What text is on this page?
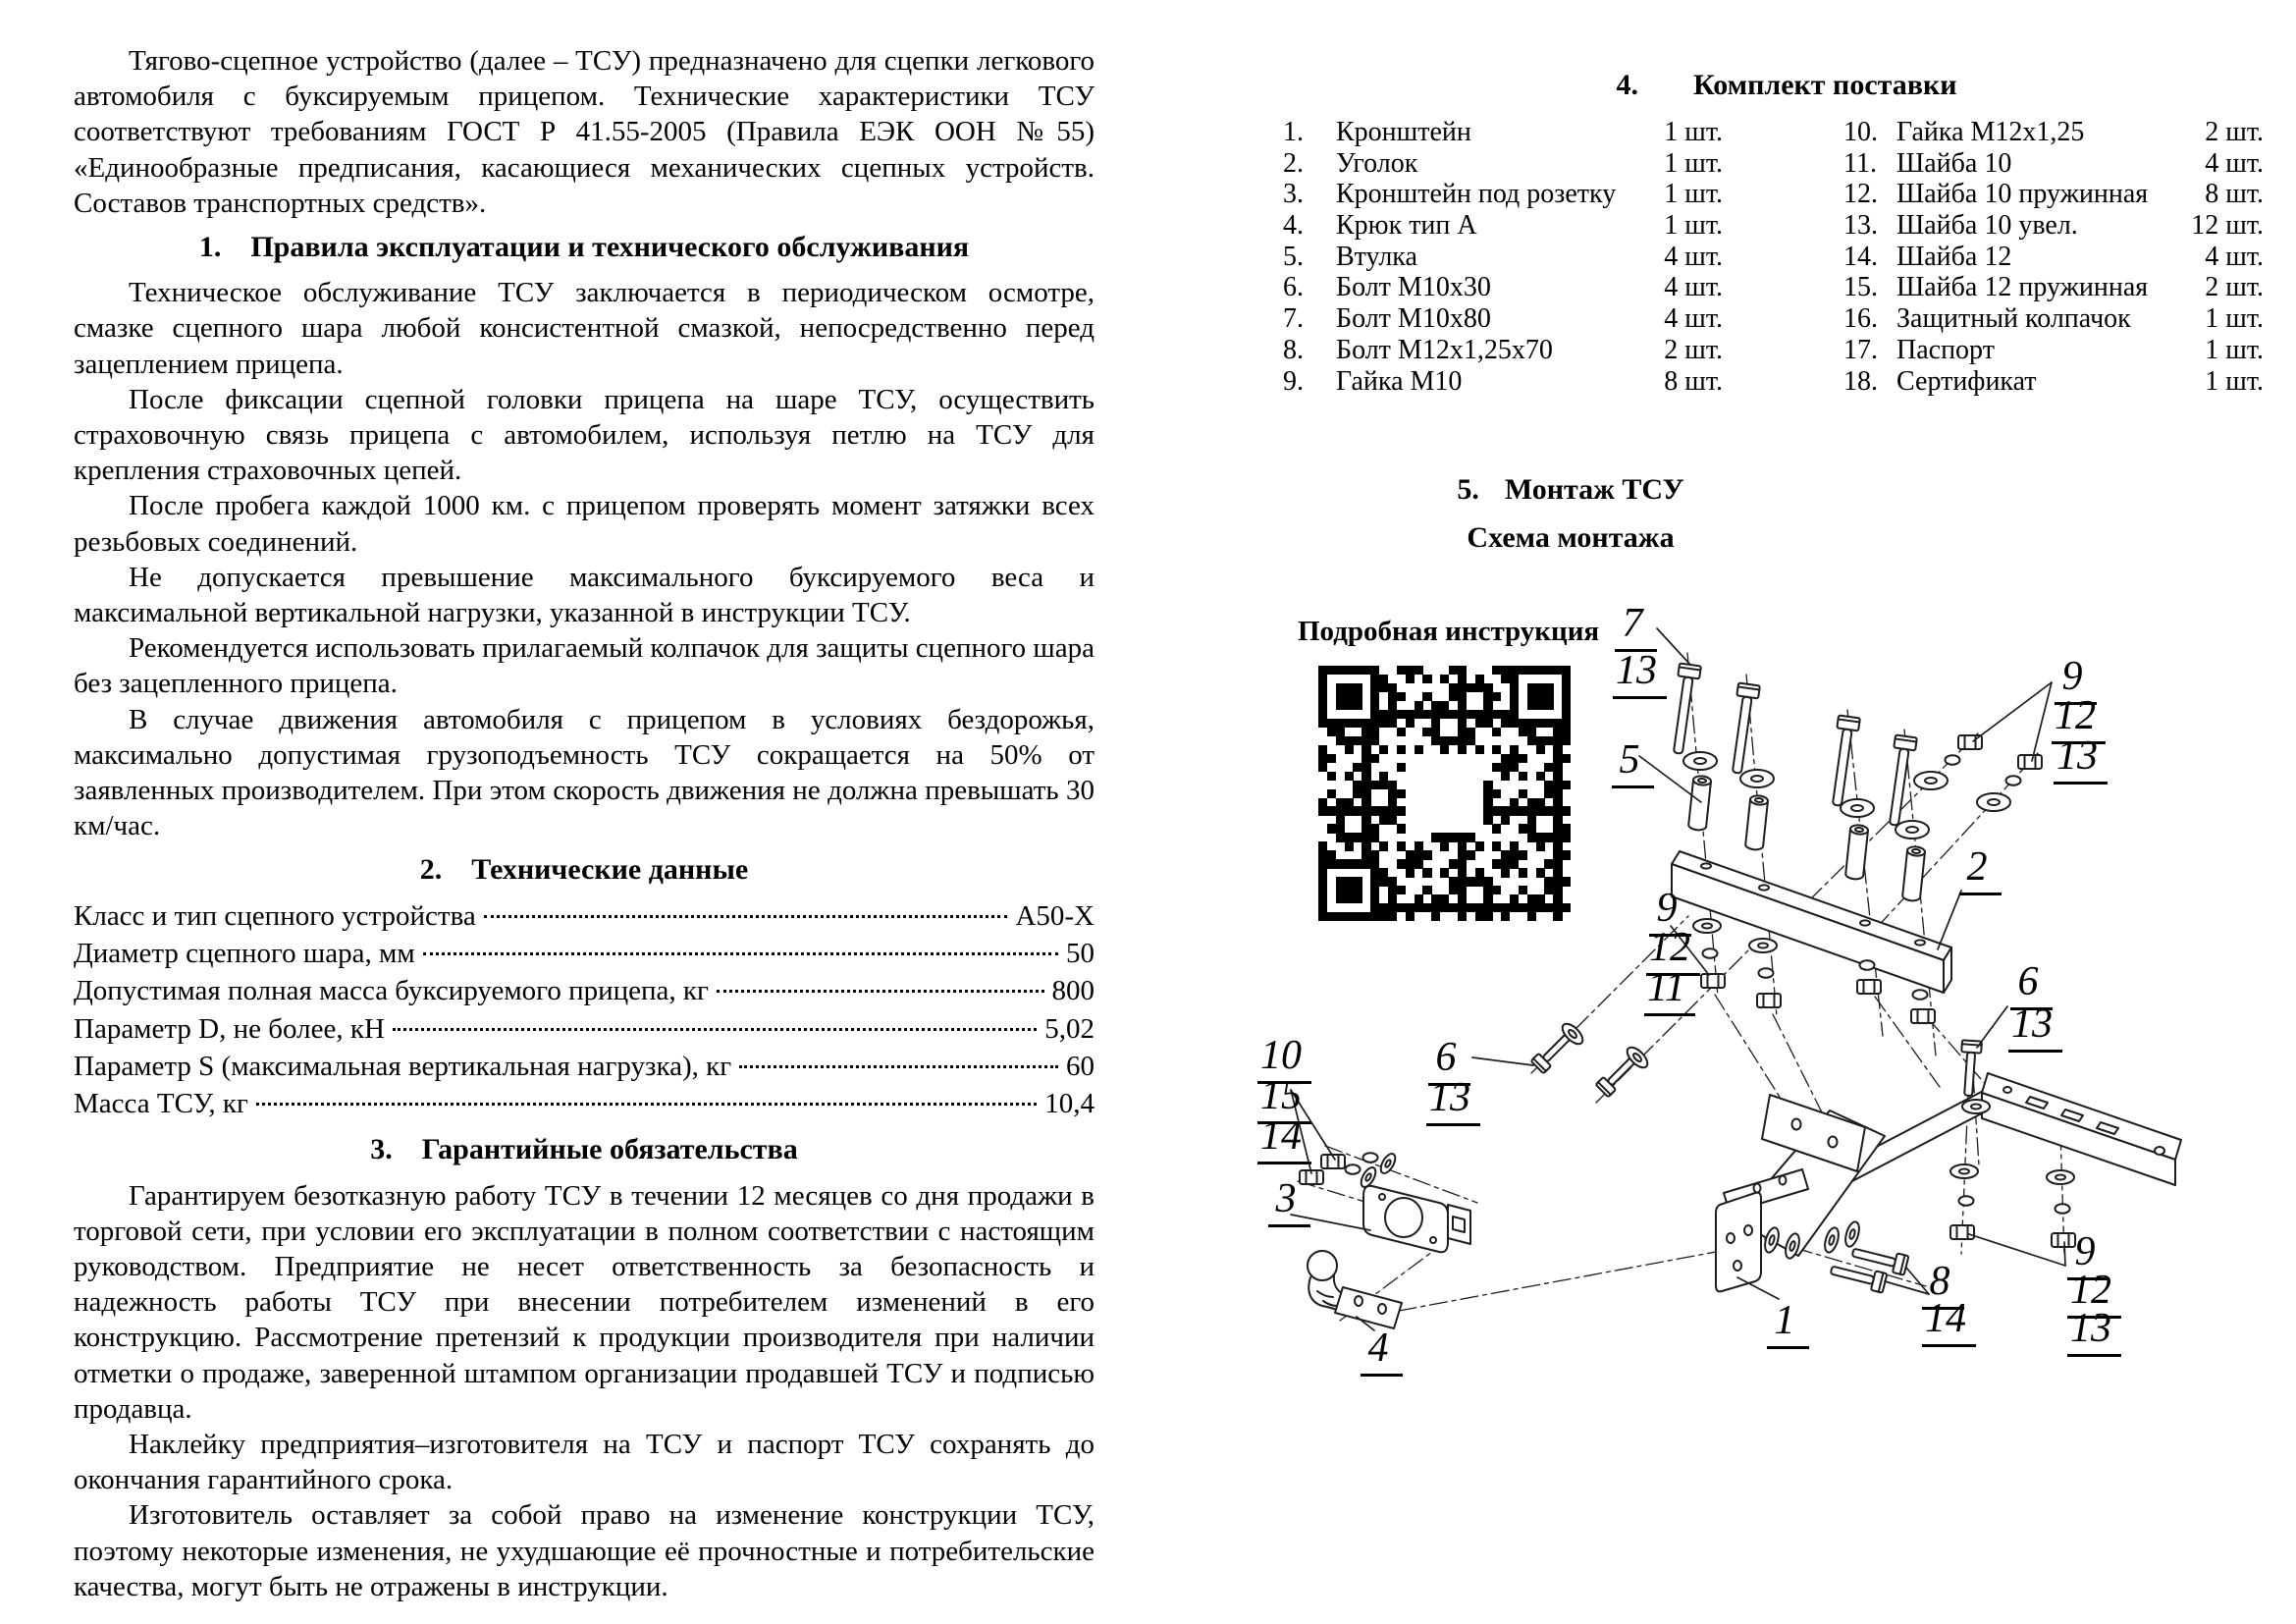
Тягово-сцепное устройство (далее – ТСУ) предназначено для сцепки легкового автомобиля с буксируемым прицепом. Технические характеристики ТСУ соответствуют требованиям ГОСТ Р 41.55-2005 (Правила ЕЭК ООН №55) «Единообразные предписания, касающиеся механических сцепных устройств. Составов транспортных средств».

1. Правила эксплуатации и технического обслуживания

Техническое обслуживание ТСУ заключается в периодическом осмотре, смазке сцепного шара любой консистентной смазкой, непосредственно перед зацеплением прицепа.

После фиксации сцепной головки прицепа на шаре ТСУ, осуществить страховочную связь прицепа с автомобилем, используя петлю на ТСУ для крепления страховочных цепей.

После пробега каждой 1000 км. с прицепом проверять момент затяжки всех резьбовых соединений.

Не допускается превышение максимального буксируемого веса и максимальной вертикальной нагрузки, указанной в инструкции ТСУ.

Рекомендуется использовать прилагаемый колпачок для защиты сцепного шара без зацепленного прицепа.

В случае движения автомобиля с прицепом в условиях бездорожья, максимально допустимая грузоподъемность ТСУ сокращается на 50% от заявленных производителем. При этом скорость движения не должна превышать 30 км/час.

2. Технические данные
Класс и тип сцепного устройства	А50-Х
Диаметр сцепного шара, мм	50
Допустимая полная масса буксируемого прицепа, кг	800
Параметр D, не более, кН	5,02
Параметр S (максимальная вертикальная нагрузка), кг	60
Масса ТСУ, кг	10,4
3. Гарантийные обязательства

Гарантируем безотказную работу ТСУ в течении 12 месяцев со дня продажи в торговой сети, при условии его эксплуатации в полном соответствии с настоящим руководством. Предприятие не несет ответственность за безопасность и надежность работы ТСУ при внесении потребителем изменений в его конструкцию. Рассмотрение претензий к продукции производителя при наличии отметки о продаже, заверенной штампом организации продавшей ТСУ и подписью продавца.

Наклейку предприятия–изготовителя на ТСУ и паспорт ТСУ сохранять до окончания гарантийного срока.

Изготовитель оставляет за собой право на изменение конструкции ТСУ, поэтому некоторые изменения, не ухудшающие её прочностные и потребительские качества, могут быть не отражены в инструкции.

4. Комплект поставки
1.	Кронштейн	1 шт.
2.	Уголок	1 шт.
3.	Кронштейн под розетку 1 шт.
4.	Крюк тип А	1 шт.
5.	Втулка	4 шт.
6.	Болт М10х30	4 шт.
7.	Болт М10х80	4 шт.
8.	Болт М12х1,25х70	2 шт.
9.	Гайка М10	8 шт.
10. Гайка М12х1,25	2 шт.
11. Шайба 10	4 шт.
12. Шайба 10 пружинная 8 шт.
13. Шайба 10 увел.	12 шт.
14. Шайба 12	4 шт.
15. Шайба 12 пружинная 2 шт.
16. Защитный колпачок	1 шт.
17. Паспорт	1 шт.
18. Сертификат	1 шт.
5. Монтаж ТСУ
Схема монтажа
Подробная инструкция 7
13	9
12
13
5
9
12
11
2
6
13
10
15
14
6
13
3
1
8
14
9
12
13
4
